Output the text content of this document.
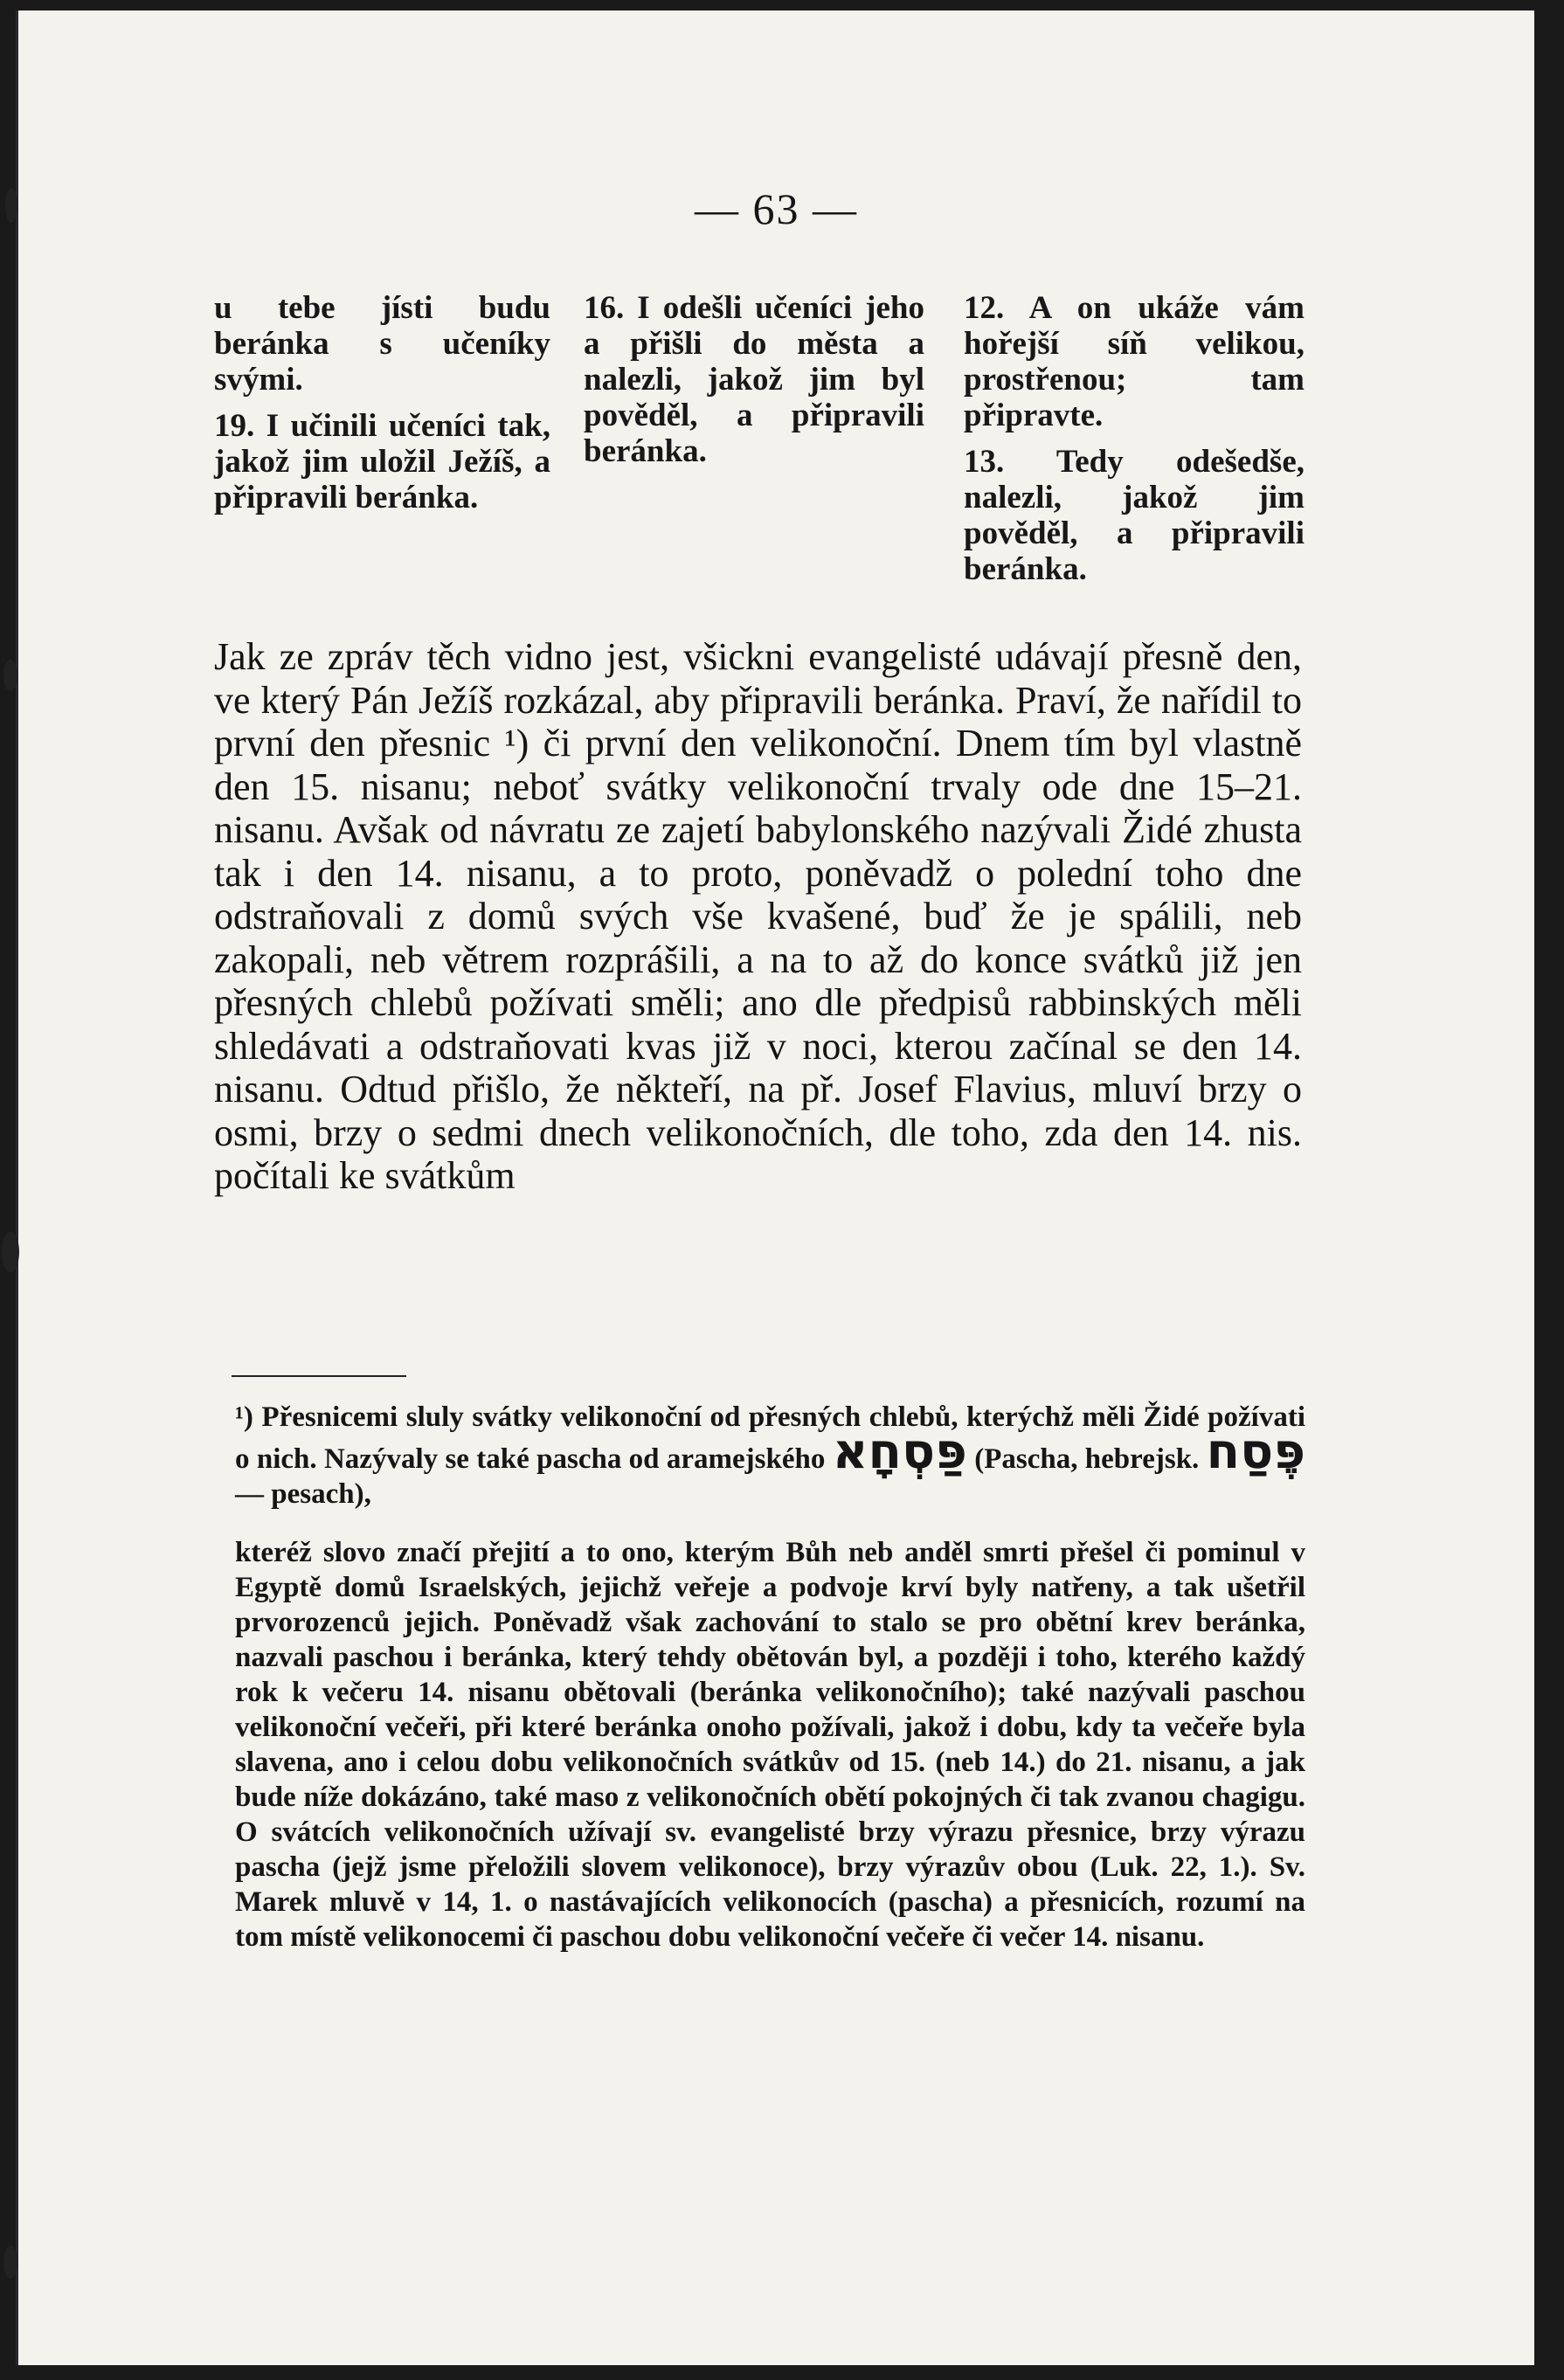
— 63 —

u tebe jísti budu beránka s učeníky svými.

19. I učinili učeníci tak, jakož jim uložil Ježíš, a připravili beránka.

16. I odešli učeníci jeho a přišli do města a nalezli, jakož jim byl pověděl, a připravili beránka.

12. A on ukáže vám hořejší síň velikou, prostřenou; tam připravte.

13. Tedy odešedše, nalezli, jakož jim pověděl, a připravili beránka.

Jak ze zpráv těch vidno jest, všickni evangelisté udávají přesně den, ve který Pán Ježíš rozkázal, aby připravili beránka. Praví, že nařídil to první den přesnic ¹) či první den velikonoční. Dnem tím byl vlastně den 15. nisanu; neboť svátky velikonoční trvaly ode dne 15–21. nisanu. Avšak od návratu ze zajetí babylonského nazývali Židé zhusta tak i den 14. nisanu, a to proto, poněvadž o polední toho dne odstraňovali z domů svých vše kvašené, buď že je spálili, neb zakopali, neb větrem rozprášili, a na to až do konce svátků již jen přesných chlebů požívati směli; ano dle předpisů rabbinských měli shledávati a odstraňovati kvas již v noci, kterou začínal se den 14. nisanu. Odtud přišlo, že někteří, na př. Josef Flavius, mluví brzy o osmi, brzy o sedmi dnech velikonočních, dle toho, zda den 14. nis. počítali ke svátkům

¹) Přesnicemi sluly svátky velikonoční od přesných chlebů, kterýchž měli Židé požívati o nich. Nazývaly se také pascha od aramejského פַּסְחָא (Pascha, hebrejsk. פֶּסַח — pesach),

kteréž slovo značí přejití a to ono, kterým Bůh neb anděl smrti přešel či pominul v Egyptě domů Israelských, jejichž veřeje a podvoje krví byly natřeny, a tak ušetřil prvorozenců jejich. Poněvadž však zachování to stalo se pro obětní krev beránka, nazvali paschou i beránka, který tehdy obětován byl, a později i toho, kterého každý rok k večeru 14. nisanu obětovali (beránka velikonočního); také nazývali paschou velikonoční večeři, při které beránka onoho požívali, jakož i dobu, kdy ta večeře byla slavena, ano i celou dobu velikonočních svátkův od 15. (neb 14.) do 21. nisanu, a jak bude níže dokázáno, také maso z velikonočních obětí pokojných či tak zvanou chagigu. O svátcích velikonočních užívají sv. evangelisté brzy výrazu přesnice, brzy výrazu pascha (jejž jsme přeložili slovem velikonoce), brzy výrazův obou (Luk. 22, 1.). Sv. Marek mluvě v 14, 1. o nastávajících velikonocích (pascha) a přesnicích, rozumí na tom místě velikonocemi či paschou dobu velikonoční večeře či večer 14. nisanu.
